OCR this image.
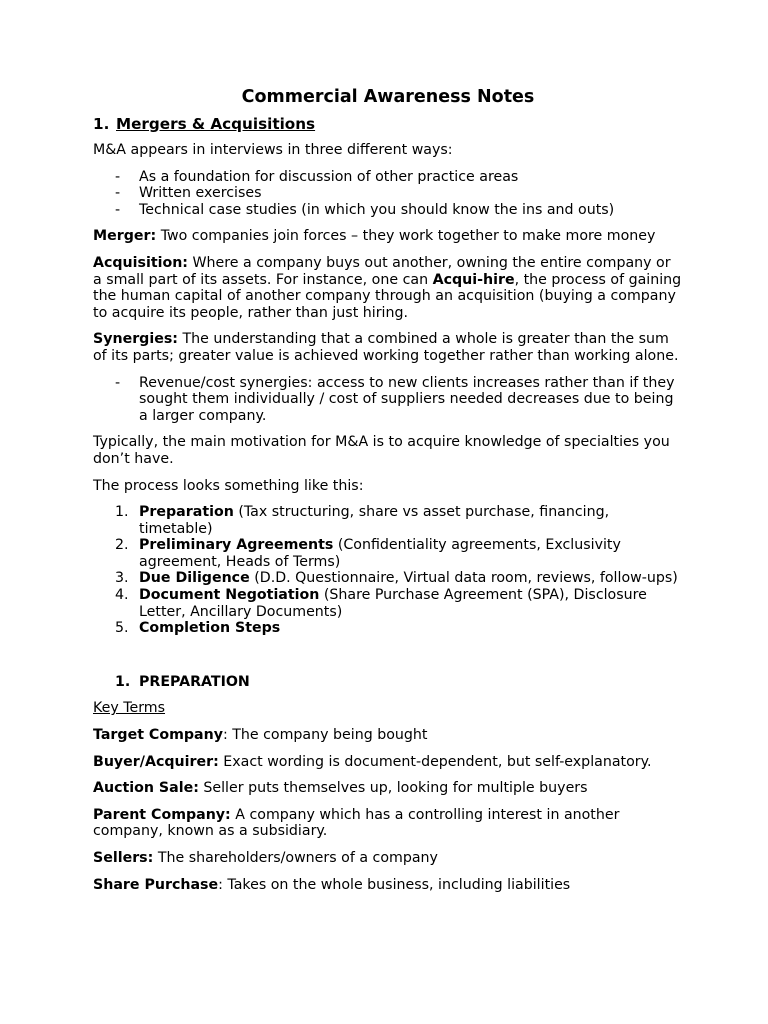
Commercial Awareness Notes
1. Mergers & Acquisitions

M&A appears in interviews in three different ways:

- As a foundation for discussion of other practice areas
- Written exercises
- Technical case studies (in which you should know the ins and outs)

Merger: Two companies join forces – they work together to make more money

Acquisition: Where a company buys out another, owning the entire company or a small part of its assets. For instance, one can Acqui-hire, the process of gaining the human capital of another company through an acquisition (buying a company to acquire its people, rather than just hiring.

Synergies: The understanding that a combined a whole is greater than the sum of its parts; greater value is achieved working together rather than working alone.

- Revenue/cost synergies: access to new clients increases rather than if they sought them individually / cost of suppliers needed decreases due to being a larger company.

Typically, the main motivation for M&A is to acquire knowledge of specialties you don’t have.

The process looks something like this:

1. Preparation (Tax structuring, share vs asset purchase, financing, timetable)
2. Preliminary Agreements (Confidentiality agreements, Exclusivity agreement, Heads of Terms)
3. Due Diligence (D.D. Questionnaire, Virtual data room, reviews, follow-ups)
4. Document Negotiation (Share Purchase Agreement (SPA), Disclosure Letter, Ancillary Documents)
5. Completion Steps
1. PREPARATION

Key Terms

Target Company: The company being bought

Buyer/Acquirer: Exact wording is document-dependent, but self-explanatory.

Auction Sale: Seller puts themselves up, looking for multiple buyers

Parent Company: A company which has a controlling interest in another company, known as a subsidiary.

Sellers: The shareholders/owners of a company

Share Purchase: Takes on the whole business, including liabilities
